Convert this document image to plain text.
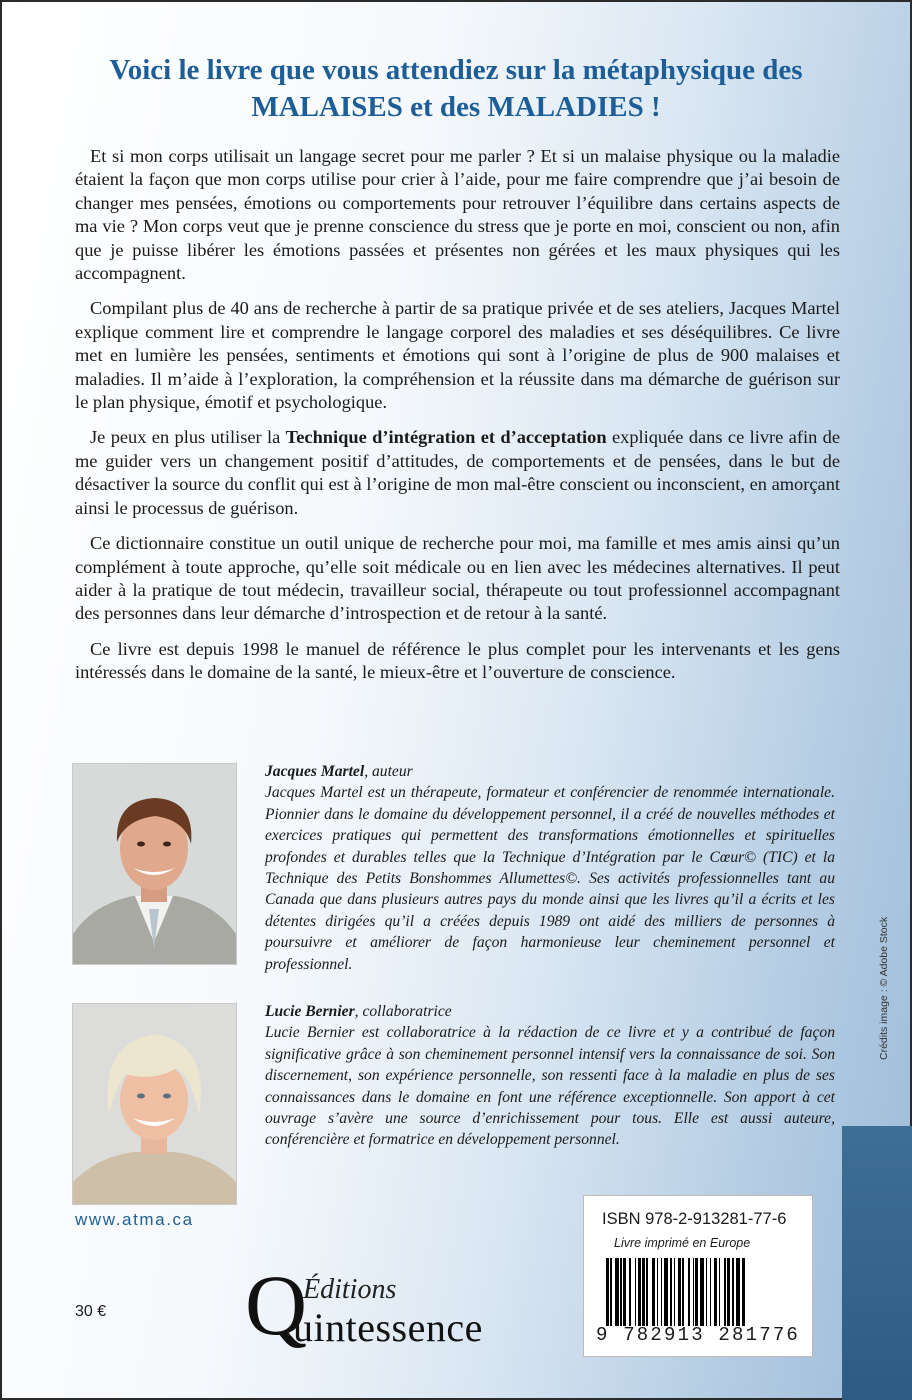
Voici le livre que vous attendiez sur la métaphysique des MALAISES et des MALADIES !

Et si mon corps utilisait un langage secret pour me parler ? Et si un malaise physique ou la maladie étaient la façon que mon corps utilise pour crier à l’aide, pour me faire comprendre que j’ai besoin de changer mes pensées, émotions ou comportements pour retrouver l’équilibre dans certains aspects de ma vie ? Mon corps veut que je prenne conscience du stress que je porte en moi, conscient ou non, afin que je puisse libérer les émotions passées et présentes non gérées et les maux physiques qui les accompagnent.

Compilant plus de 40 ans de recherche à partir de sa pratique privée et de ses ateliers, Jacques Martel explique comment lire et comprendre le langage corporel des maladies et ses déséquilibres. Ce livre met en lumière les pensées, sentiments et émotions qui sont à l’origine de plus de 900 malaises et maladies. Il m’aide à l’exploration, la compréhension et la réussite dans ma démarche de guérison sur le plan physique, émotif et psychologique.

Je peux en plus utiliser la Technique d’intégration et d’acceptation expliquée dans ce livre afin de me guider vers un changement positif d’attitudes, de comportements et de pensées, dans le but de désactiver la source du conflit qui est à l’origine de mon mal-être conscient ou inconscient, en amorçant ainsi le processus de guérison.

Ce dictionnaire constitue un outil unique de recherche pour moi, ma famille et mes amis ainsi qu’un complément à toute approche, qu’elle soit médicale ou en lien avec les médecines alternatives. Il peut aider à la pratique de tout médecin, travailleur social, thérapeute ou tout professionnel accompagnant des personnes dans leur démarche d’introspection et de retour à la santé.

Ce livre est depuis 1998 le manuel de référence le plus complet pour les intervenants et les gens intéressés dans le domaine de la santé, le mieux-être et l’ouverture de conscience.

Jacques Martel, auteur
Jacques Martel est un thérapeute, formateur et conférencier de renommée internationale. Pionnier dans le domaine du développement personnel, il a créé de nouvelles méthodes et exercices pratiques qui permettent des transformations émotionnelles et spirituelles profondes et durables telles que la Technique d’Intégration par le Cœur© (TIC) et la Technique des Petits Bonshommes Allumettes©. Ses activités professionnelles tant au Canada que dans plusieurs autres pays du monde ainsi que les livres qu’il a écrits et les détentes dirigées qu’il a créées depuis 1989 ont aidé des milliers de personnes à poursuivre et améliorer de façon harmonieuse leur cheminement personnel et professionnel.
Lucie Bernier, collaboratrice
Lucie Bernier est collaboratrice à la rédaction de ce livre et y a contribué de façon significative grâce à son cheminement personnel intensif vers la connaissance de soi. Son discernement, son expérience personnelle, son ressenti face à la maladie en plus de ses connaissances dans le domaine en font une référence exceptionnelle. Son apport à cet ouvrage s’avère une source d’enrichissement pour tous. Elle est aussi auteure, conférencière et formatrice en développement personnel.
www.atma.ca
30 € Q
Éditions
uintessence
ISBN 978-2-913281-77-6
Livre imprimé en Europe
9 782913 281776
Crédits image : © Adobe Stock
